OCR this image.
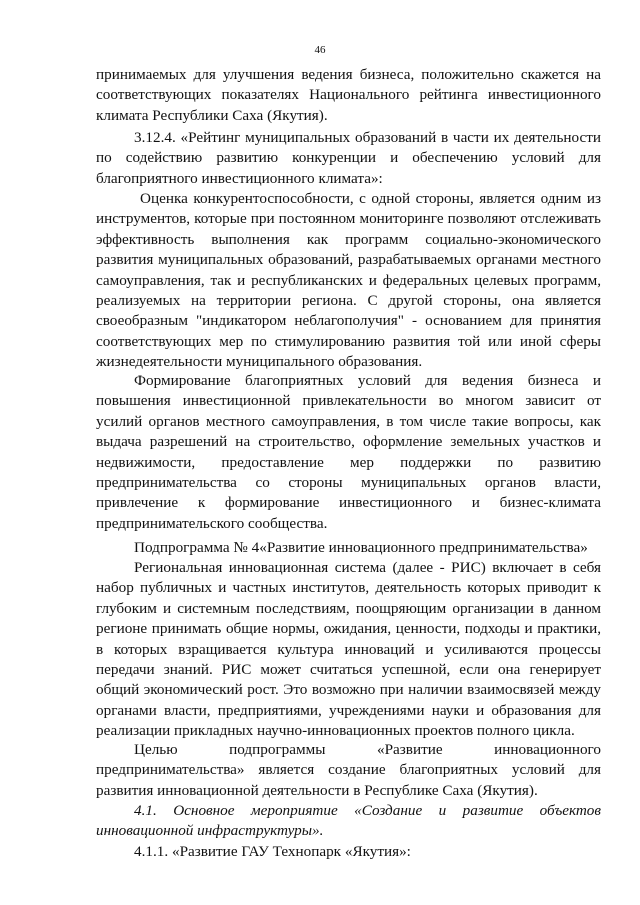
46

принимаемых для улучшения ведения бизнеса, положительно скажется на соответствующих показателях Национального рейтинга инвестиционного климата Республики Саха (Якутия).

3.12.4. «Рейтинг муниципальных образований в части их деятельности по содействию развитию конкуренции и обеспечению условий для благоприятного инвестиционного климата»:

Оценка конкурентоспособности, с одной стороны, является одним из инструментов, которые при постоянном мониторинге позволяют отслеживать эффективность выполнения как программ социально-экономического развития муниципальных образований, разрабатываемых органами местного самоуправления, так и республиканских и федеральных целевых программ, реализуемых на территории региона. С другой стороны, она является своеобразным "индикатором неблагополучия" - основанием для принятия соответствующих мер по стимулированию развития той или иной сферы жизнедеятельности муниципального образования.

Формирование благоприятных условий для ведения бизнеса и повышения инвестиционной привлекательности во многом зависит от усилий органов местного самоуправления, в том числе такие вопросы, как выдача разрешений на строительство, оформление земельных участков и недвижимости, предоставление мер поддержки по развитию предпринимательства со стороны муниципальных органов власти, привлечение к формирование инвестиционного и бизнес-климата предпринимательского сообщества.

Подпрограмма № 4«Развитие инновационного предпринимательства»

Региональная инновационная система (далее - РИС) включает в себя набор публичных и частных институтов, деятельность которых приводит к глубоким и системным последствиям, поощряющим организации в данном регионе принимать общие нормы, ожидания, ценности, подходы и практики, в которых взращивается культура инноваций и усиливаются процессы передачи знаний. РИС может считаться успешной, если она генерирует общий экономический рост. Это возможно при наличии взаимосвязей между органами власти, предприятиями, учреждениями науки и образования для реализации прикладных научно-инновационных проектов полного цикла.

Целью подпрограммы «Развитие инновационного предпринимательства» является создание благоприятных условий для развития инновационной деятельности в Республике Саха (Якутия).

4.1. Основное мероприятие «Создание и развитие объектов инновационной инфраструктуры».

4.1.1. «Развитие ГАУ Технопарк «Якутия»:
